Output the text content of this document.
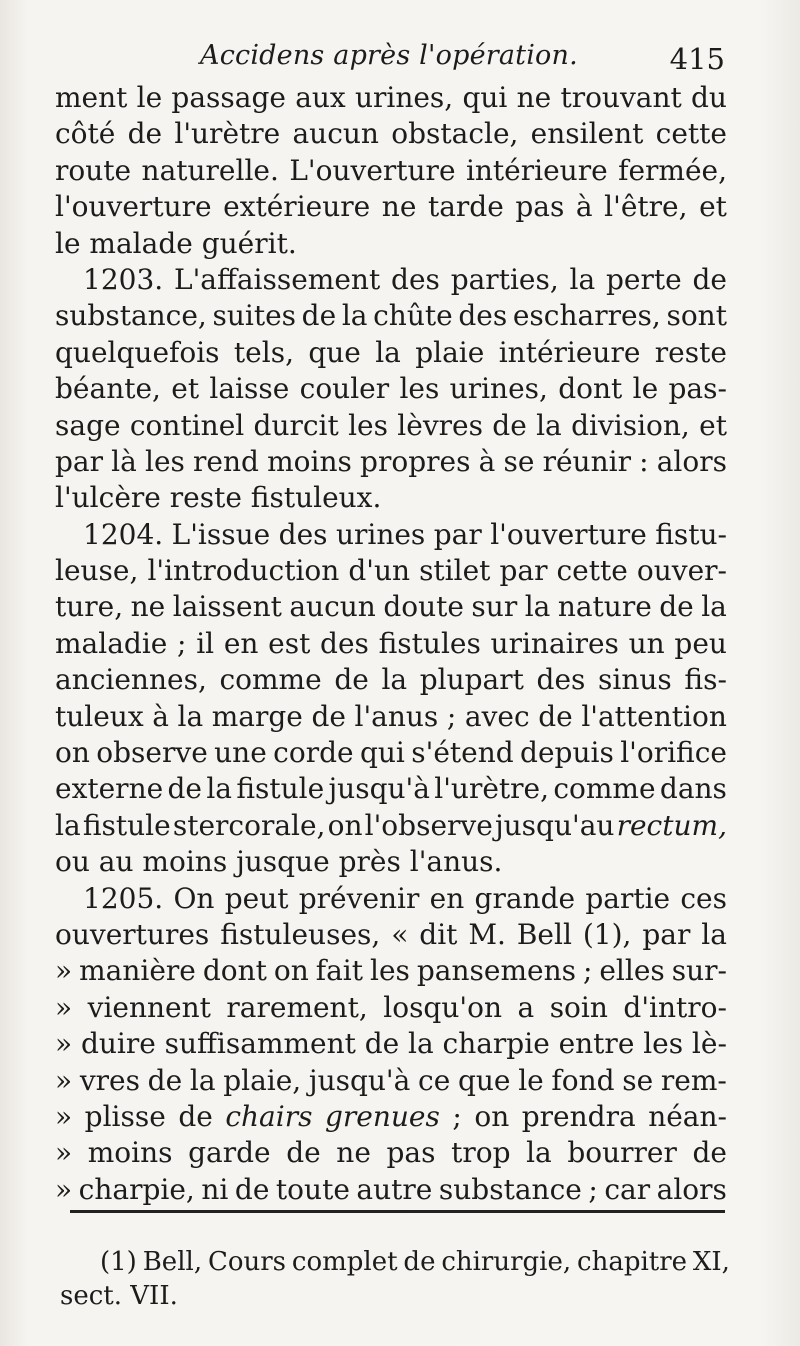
Accidens après l'opération.	415
ment le passage aux urines, qui ne trouvant du
côté de l'urètre aucun obstacle, ensilent cette
route naturelle. L'ouverture intérieure fermée,
l'ouverture extérieure ne tarde pas à l'être, et
le malade guérit.
1203. L'affaissement des parties, la perte de
substance, suites de la chûte des escharres, sont
quelquefois tels, que la plaie intérieure reste
béante, et laisse couler les urines, dont le pas-
sage continel durcit les lèvres de la division, et
par là les rend moins propres à se réunir : alors
l'ulcère reste fistuleux.
1204. L'issue des urines par l'ouverture fistu-
leuse, l'introduction d'un stilet par cette ouver-
ture, ne laissent aucun doute sur la nature de la
maladie ; il en est des fistules urinaires un peu
anciennes, comme de la plupart des sinus fis-
tuleux à la marge de l'anus ; avec de l'attention
on observe une corde qui s'étend depuis l'orifice
externe de la fistule jusqu'à l'urètre, comme dans
la fistule stercorale, on l'observe jusqu'au rectum,
ou au moins jusque près l'anus.
1205. On peut prévenir en grande partie ces
ouvertures fistuleuses, « dit M. Bell (1), par la
» manière dont on fait les pansemens ; elles sur-
» viennent rarement, losqu'on a soin d'intro-
» duire suffisamment de la charpie entre les lè-
» vres de la plaie, jusqu'à ce que le fond se rem-
» plisse de chairs grenues ; on prendra néan-
» moins garde de ne pas trop la bourrer de
» charpie, ni de toute autre substance ; car alors
(1) Bell, Cours complet de chirurgie, chapitre XI,
sect. VII.
